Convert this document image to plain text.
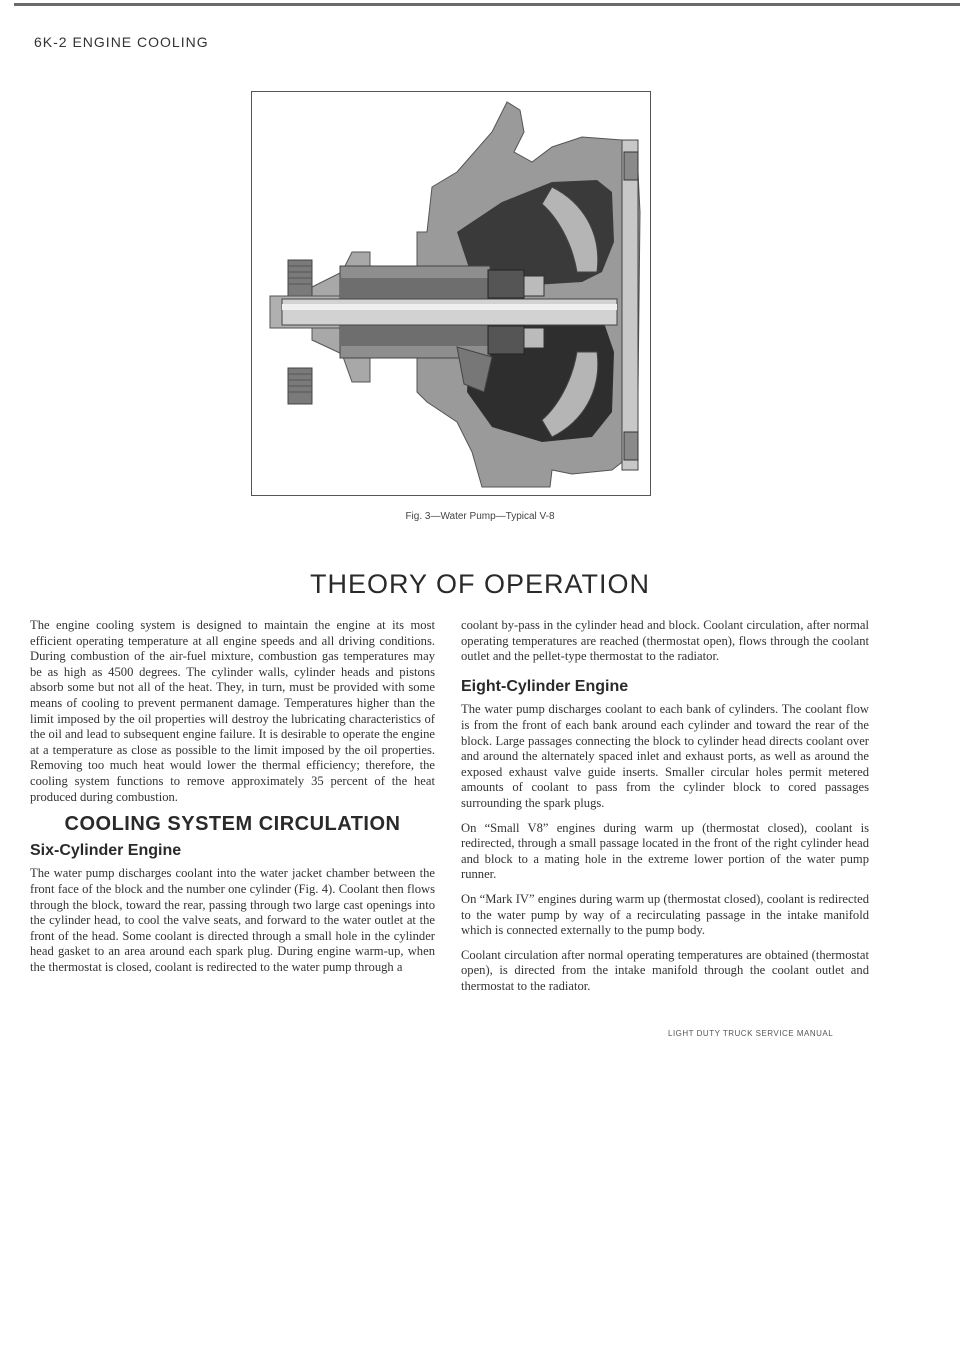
6K-2 ENGINE COOLING
Fig. 3—Water Pump—Typical V-8
THEORY OF OPERATION

The engine cooling system is designed to maintain the engine at its most efficient operating temperature at all engine speeds and all driving conditions. During combustion of the air-fuel mixture, combustion gas temperatures may be as high as 4500 degrees. The cylinder walls, cylinder heads and pistons absorb some but not all of the heat. They, in turn, must be provided with some means of cooling to prevent permanent damage. Temperatures higher than the limit imposed by the oil properties will destroy the lubricating characteristics of the oil and lead to subsequent engine failure. It is desirable to operate the engine at a temperature as close as possible to the limit imposed by the oil properties. Removing too much heat would lower the thermal efficiency; therefore, the cooling system functions to remove approximately 35 percent of the heat produced during combustion.

COOLING SYSTEM CIRCULATION
Six-Cylinder Engine

The water pump discharges coolant into the water jacket chamber between the front face of the block and the number one cylinder (Fig. 4). Coolant then flows through the block, toward the rear, passing through two large cast openings into the cylinder head, to cool the valve seats, and forward to the water outlet at the front of the head. Some coolant is directed through a small hole in the cylinder head gasket to an area around each spark plug. During engine warm-up, when the thermostat is closed, coolant is redirected to the water pump through a

coolant by-pass in the cylinder head and block. Coolant circulation, after normal operating temperatures are reached (thermostat open), flows through the coolant outlet and the pellet-type thermostat to the radiator.

Eight-Cylinder Engine

The water pump discharges coolant to each bank of cylinders. The coolant flow is from the front of each bank around each cylinder and toward the rear of the block. Large passages connecting the block to cylinder head directs coolant over and around the alternately spaced inlet and exhaust ports, as well as around the exposed exhaust valve guide inserts. Smaller circular holes permit metered amounts of coolant to pass from the cylinder block to cored passages surrounding the spark plugs.

On “Small V8” engines during warm up (thermostat closed), coolant is redirected, through a small passage located in the front of the right cylinder head and block to a mating hole in the extreme lower portion of the water pump runner.

On “Mark IV” engines during warm up (thermostat closed), coolant is redirected to the water pump by way of a recirculating passage in the intake manifold which is connected externally to the pump body.

Coolant circulation after normal operating temperatures are obtained (thermostat open), is directed from the intake manifold through the coolant outlet and thermostat to the radiator.

LIGHT DUTY TRUCK SERVICE MANUAL
